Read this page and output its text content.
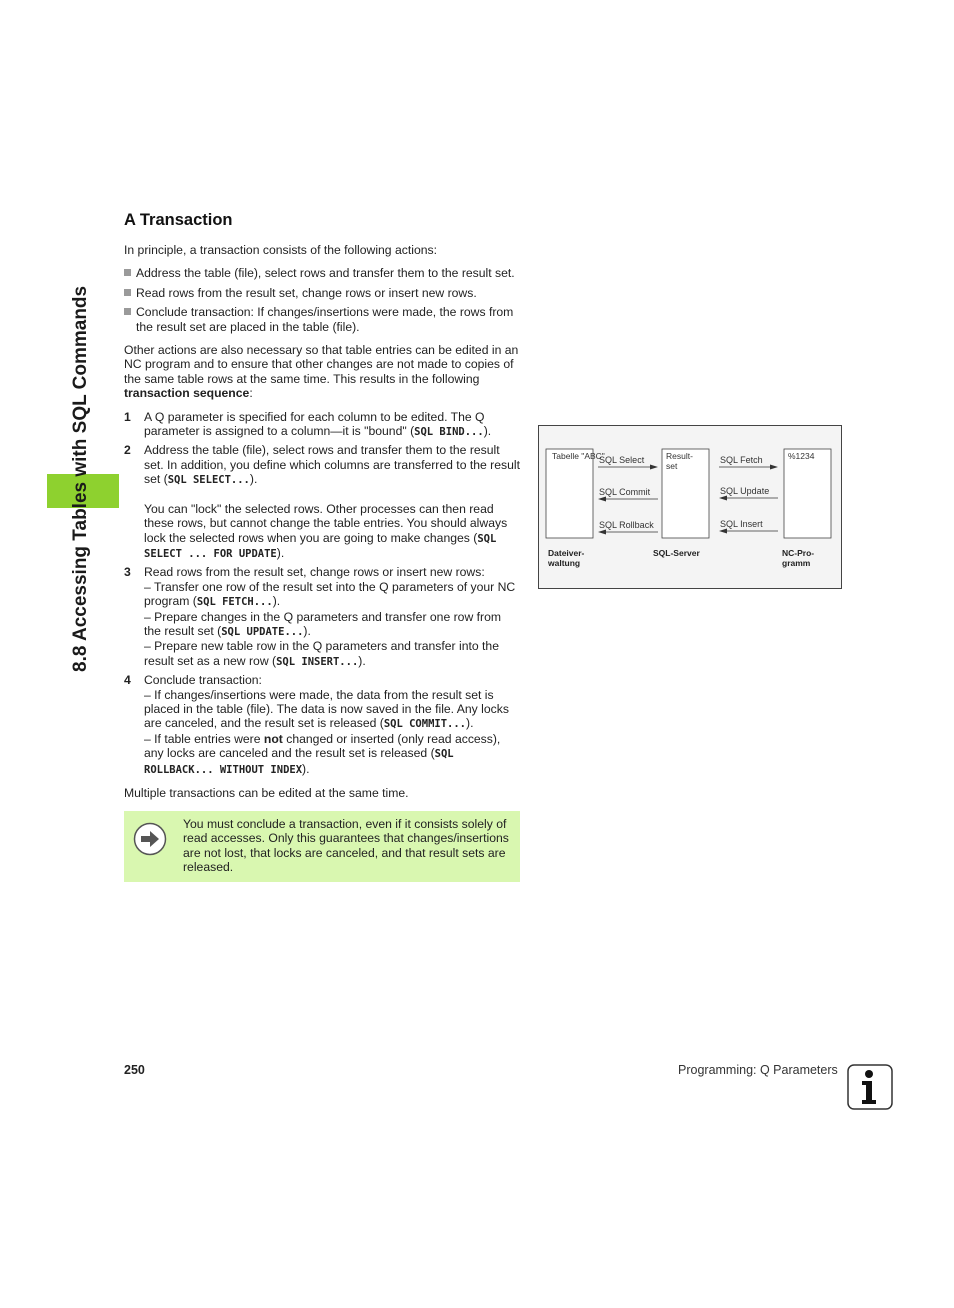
8.8 Accessing Tables with SQL Commands
A Transaction

In principle, a transaction consists of the following actions:

Address the table (file), select rows and transfer them to the result set.
Read rows from the result set, change rows or insert new rows.
Conclude transaction: If changes/insertions were made, the rows from the result set are placed in the table (file).

Other actions are also necessary so that table entries can be edited in an NC program and to ensure that other changes are not made to copies of the same table rows at the same time. This results in the following transaction sequence:

1 A Q parameter is specified for each column to be edited. The Q parameter is assigned to a column—it is "bound" (SQL BIND...).
2 Address the table (file), select rows and transfer them to the result set. In addition, you define which columns are transferred to the result set (SQL SELECT...).
You can "lock" the selected rows. Other processes can then read these rows, but cannot change the table entries. You should always lock the selected rows when you are going to make changes (SQL SELECT ... FOR UPDATE).
3 Read rows from the result set, change rows or insert new rows:
– Transfer one row of the result set into the Q parameters of your NC program (SQL FETCH...).
– Prepare changes in the Q parameters and transfer one row from the result set (SQL UPDATE...).
– Prepare new table row in the Q parameters and transfer into the result set as a new row (SQL INSERT...).
4 Conclude transaction:
– If changes/insertions were made, the data from the result set is placed in the table (file). The data is now saved in the file. Any locks are canceled, and the result set is released (SQL COMMIT...).
– If table entries were not changed or inserted (only read access), any locks are canceled and the result set is released (SQL ROLLBACK... WITHOUT INDEX).

Multiple transactions can be edited at the same time.

You must conclude a transaction, even if it consists solely of read accesses. Only this guarantees that changes/insertions are not lost, that locks are canceled, and that result sets are released.
Tabelle "ABC"	Result-
set
%1234
SQL Select
SQL Commit
SQL Rollback
SQL Fetch
SQL Update
SQL Insert
Dateiver-
waltung
SQL-Server	NC-Pro-
gramm
250	Programming: Q Parameters
